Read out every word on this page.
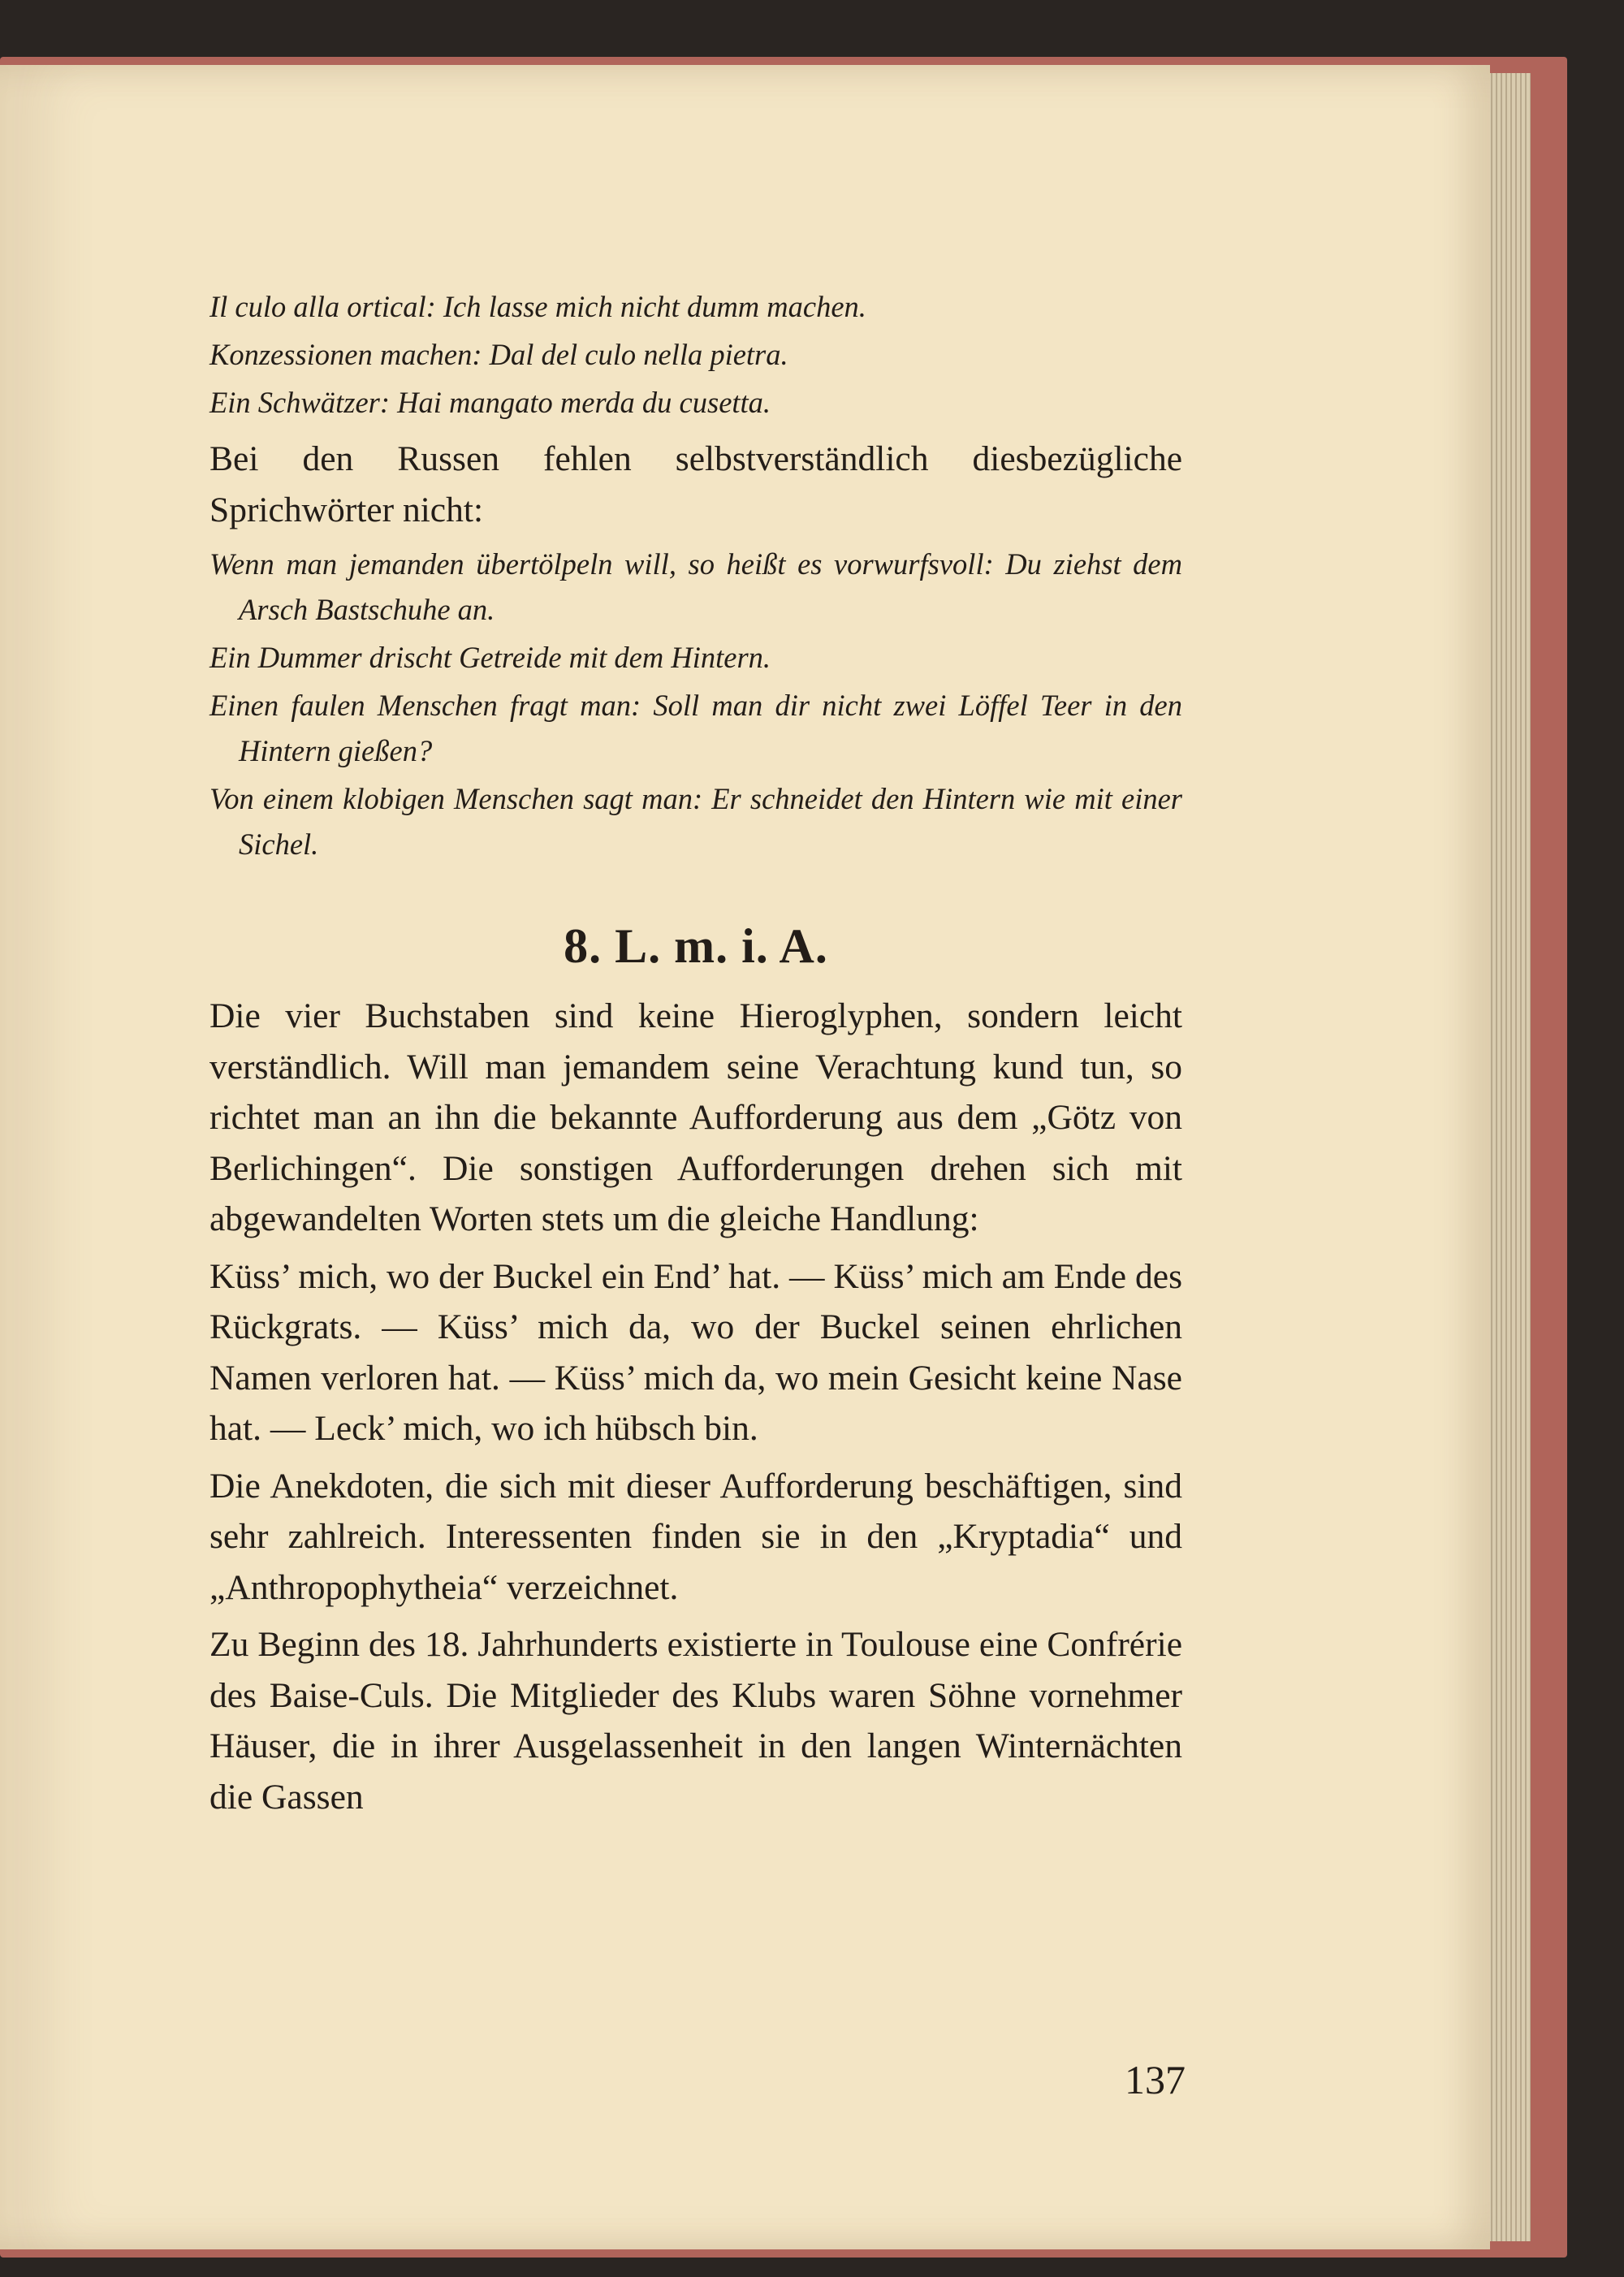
Il culo alla ortical: Ich lasse mich nicht dumm machen.

Konzessionen machen: Dal del culo nella pietra.

Ein Schwätzer: Hai mangato merda du cusetta.

Bei den Russen fehlen selbstverständlich diesbezügliche Sprichwörter nicht:

Wenn man jemanden übertölpeln will, so heißt es vorwurfsvoll: Du ziehst dem Arsch Bastschuhe an.

Ein Dummer drischt Getreide mit dem Hintern.

Einen faulen Menschen fragt man: Soll man dir nicht zwei Löffel Teer in den Hintern gießen?

Von einem klobigen Menschen sagt man: Er schneidet den Hintern wie mit einer Sichel.

8. L. m. i. A.

Die vier Buchstaben sind keine Hieroglyphen, sondern leicht verständlich. Will man jemandem seine Verachtung kund tun, so richtet man an ihn die bekannte Aufforderung aus dem „Götz von Berlichingen“. Die sonstigen Aufforderungen drehen sich mit abgewandelten Worten stets um die gleiche Handlung:

Küss’ mich, wo der Buckel ein End’ hat. — Küss’ mich am Ende des Rückgrats. — Küss’ mich da, wo der Buckel seinen ehrlichen Namen verloren hat. — Küss’ mich da, wo mein Gesicht keine Nase hat. — Leck’ mich, wo ich hübsch bin.

Die Anekdoten, die sich mit dieser Aufforderung beschäftigen, sind sehr zahlreich. Interessenten finden sie in den „Kryptadia“ und „Anthropophytheia“ verzeichnet.

Zu Beginn des 18. Jahrhunderts existierte in Toulouse eine Confrérie des Baise-Culs. Die Mitglieder des Klubs waren Söhne vornehmer Häuser, die in ihrer Ausgelassenheit in den langen Winternächten die Gassen

137
